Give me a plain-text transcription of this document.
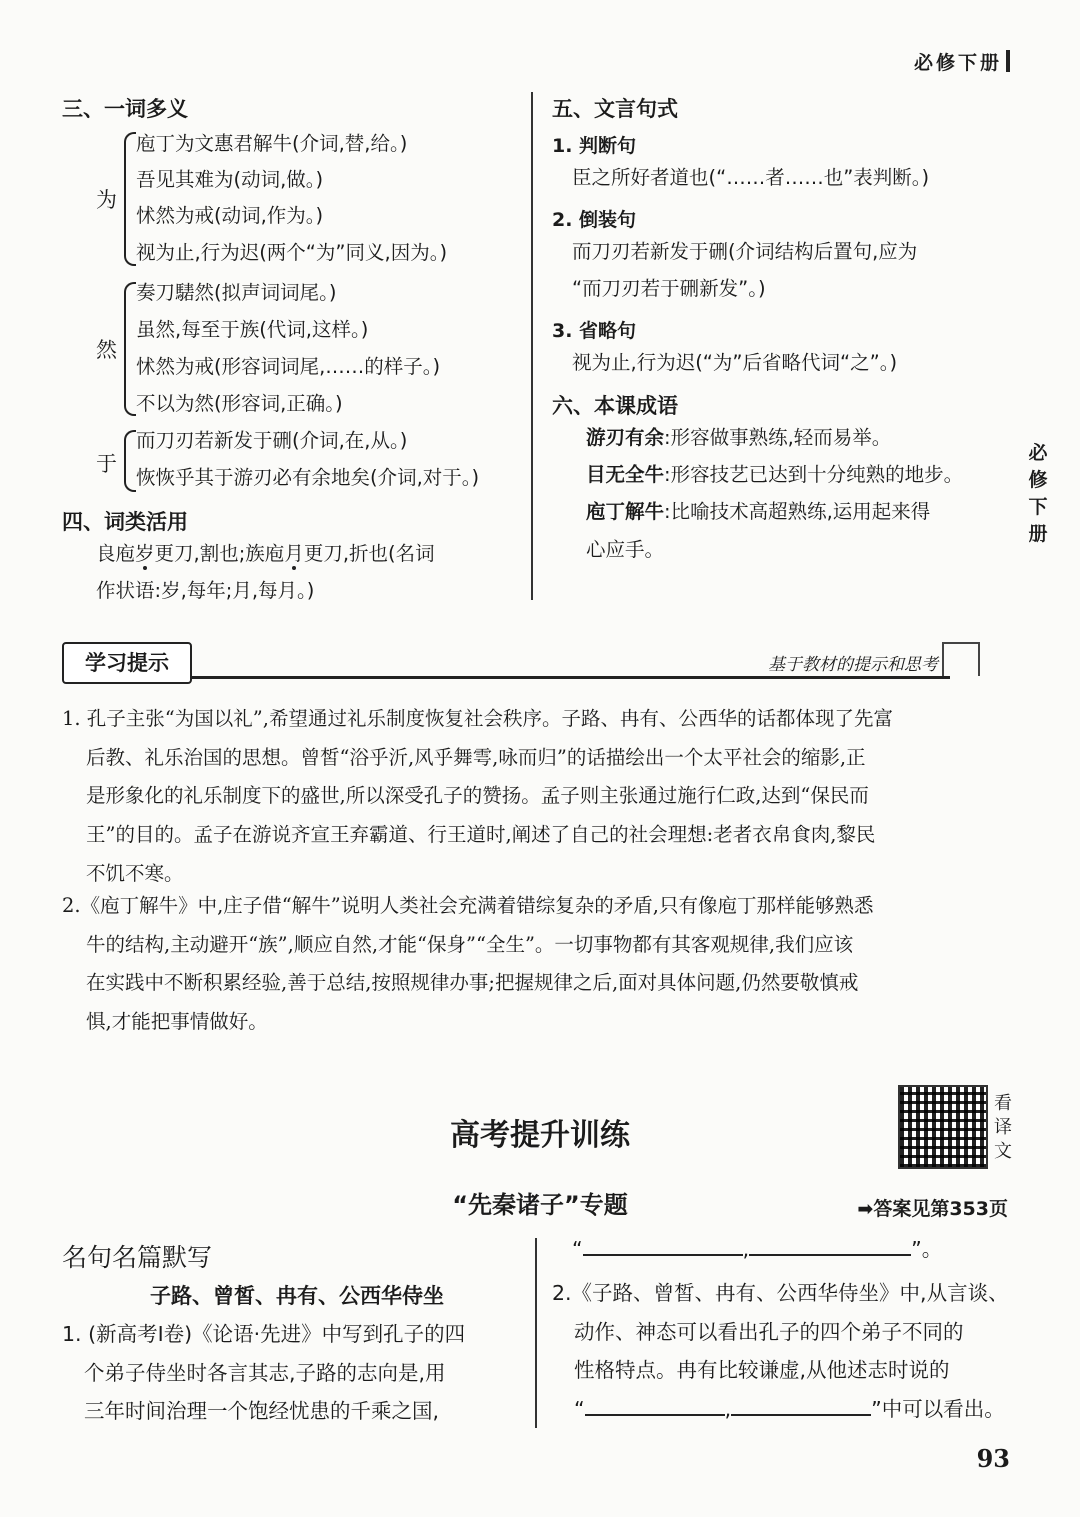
必修下册
必修下册
三、一词多义
为
庖丁为文惠君解牛(介词,替,给。)
吾见其难为(动词,做。)
怵然为戒(动词,作为。)
视为止,行为迟(两个“为”同义,因为。)
然
奏刀騞然(拟声词词尾。)
虽然,每至于族(代词,这样。)
怵然为戒(形容词词尾,……的样子。)
不以为然(形容词,正确。)
于
而刀刃若新发于硎(介词,在,从。)
恢恢乎其于游刃必有余地矣(介词,对于。)
四、词类活用
良庖岁更刀,割也;族庖月更刀,折也(名词
作状语:岁,每年;月,每月。)
五、文言句式
1. 判断句
臣之所好者道也(“……者……也”表判断。)
2. 倒装句
而刀刃若新发于硎(介词结构后置句,应为
“而刀刃若于硎新发”。)
3. 省略句
视为止,行为迟(“为”后省略代词“之”。)
六、本课成语
游刃有余:形容做事熟练,轻而易举。
目无全牛:形容技艺已达到十分纯熟的地步。
庖丁解牛:比喻技术高超熟练,运用起来得
心应手。
学习提示	基于教材的提示和思考
1. 孔子主张“为国以礼”,希望通过礼乐制度恢复社会秩序。子路、冉有、公西华的话都体现了先富
后教、礼乐治国的思想。曾皙“浴乎沂,风乎舞雩,咏而归”的话描绘出一个太平社会的缩影,正
是形象化的礼乐制度下的盛世,所以深受孔子的赞扬。孟子则主张通过施行仁政,达到“保民而
王”的目的。孟子在游说齐宣王弃霸道、行王道时,阐述了自己的社会理想:老者衣帛食肉,黎民
不饥不寒。
2.《庖丁解牛》中,庄子借“解牛”说明人类社会充满着错综复杂的矛盾,只有像庖丁那样能够熟悉
牛的结构,主动避开“族”,顺应自然,才能“保身”“全生”。一切事物都有其客观规律,我们应该
在实践中不断积累经验,善于总结,按照规律办事;把握规律之后,面对具体问题,仍然要敬慎戒
惧,才能把事情做好。
高考提升训练
看译文
“先秦诸子”专题	➡答案见第353页
名句名篇默写
子路、曾皙、冉有、公西华侍坐
1. (新高考Ⅰ卷)《论语·先进》中写到孔子的四
个弟子侍坐时各言其志,子路的志向是,用
三年时间治理一个饱经忧患的千乘之国,
“	,	”。
2.《子路、曾皙、冉有、公西华侍坐》中,从言谈、
动作、神态可以看出孔子的四个弟子不同的
性格特点。冉有比较谦虚,从他述志时说的
“	,	”中可以看出。
93
